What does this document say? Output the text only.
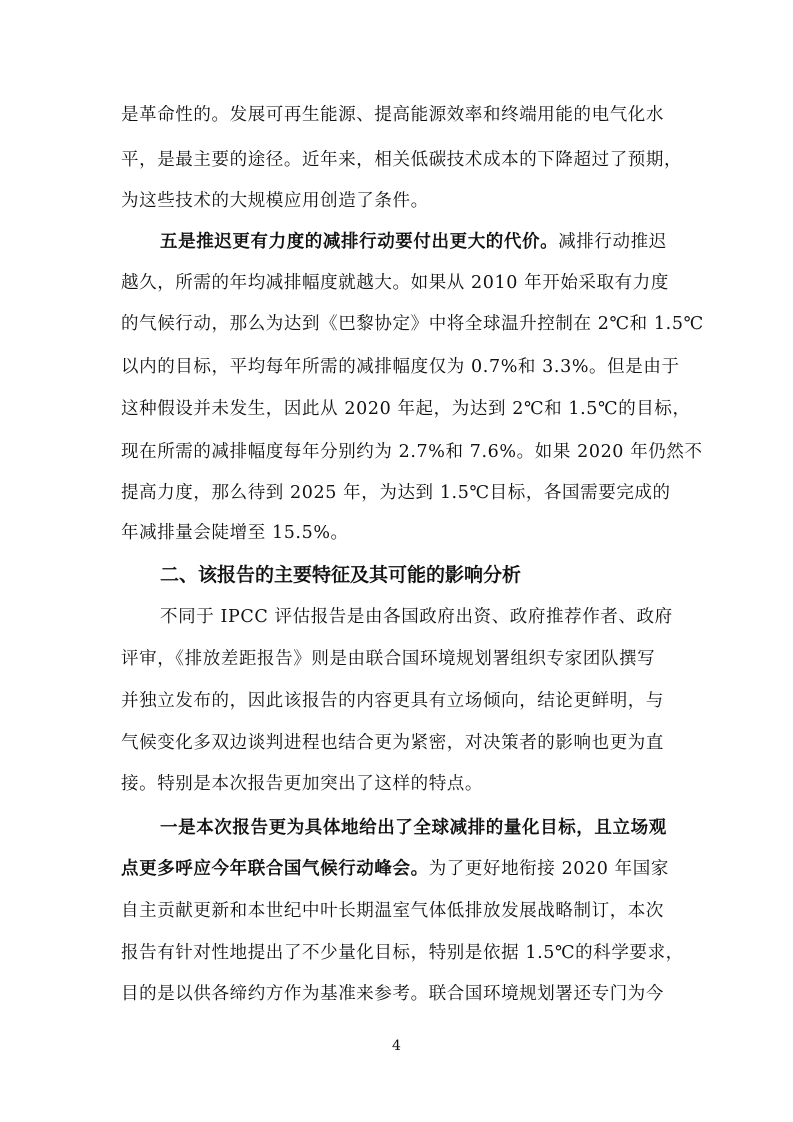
是革命性的。发展可再生能源、提高能源效率和终端用能的电气化水
平，是最主要的途径。近年来，相关低碳技术成本的下降超过了预期，
为这些技术的大规模应用创造了条件。
五是推迟更有力度的减排行动要付出更大的代价。减排行动推迟
越久，所需的年均减排幅度就越大。如果从 2010 年开始采取有力度
的气候行动，那么为达到《巴黎协定》中将全球温升控制在 2℃和 1.5℃
以内的目标，平均每年所需的减排幅度仅为 0.7%和 3.3%。但是由于
这种假设并未发生，因此从 2020 年起，为达到 2℃和 1.5℃的目标，
现在所需的减排幅度每年分别约为 2.7%和 7.6%。如果 2020 年仍然不
提高力度，那么待到 2025 年，为达到 1.5℃目标，各国需要完成的
年减排量会陡增至 15.5%。
二、该报告的主要特征及其可能的影响分析
不同于 IPCC 评估报告是由各国政府出资、政府推荐作者、政府
评审，《排放差距报告》则是由联合国环境规划署组织专家团队撰写
并独立发布的，因此该报告的内容更具有立场倾向，结论更鲜明，与
气候变化多双边谈判进程也结合更为紧密，对决策者的影响也更为直
接。特别是本次报告更加突出了这样的特点。
一是本次报告更为具体地给出了全球减排的量化目标，且立场观
点更多呼应今年联合国气候行动峰会。为了更好地衔接 2020 年国家
自主贡献更新和本世纪中叶长期温室气体低排放发展战略制订，本次
报告有针对性地提出了不少量化目标，特别是依据 1.5℃的科学要求，
目的是以供各缔约方作为基准来参考。联合国环境规划署还专门为今
4
